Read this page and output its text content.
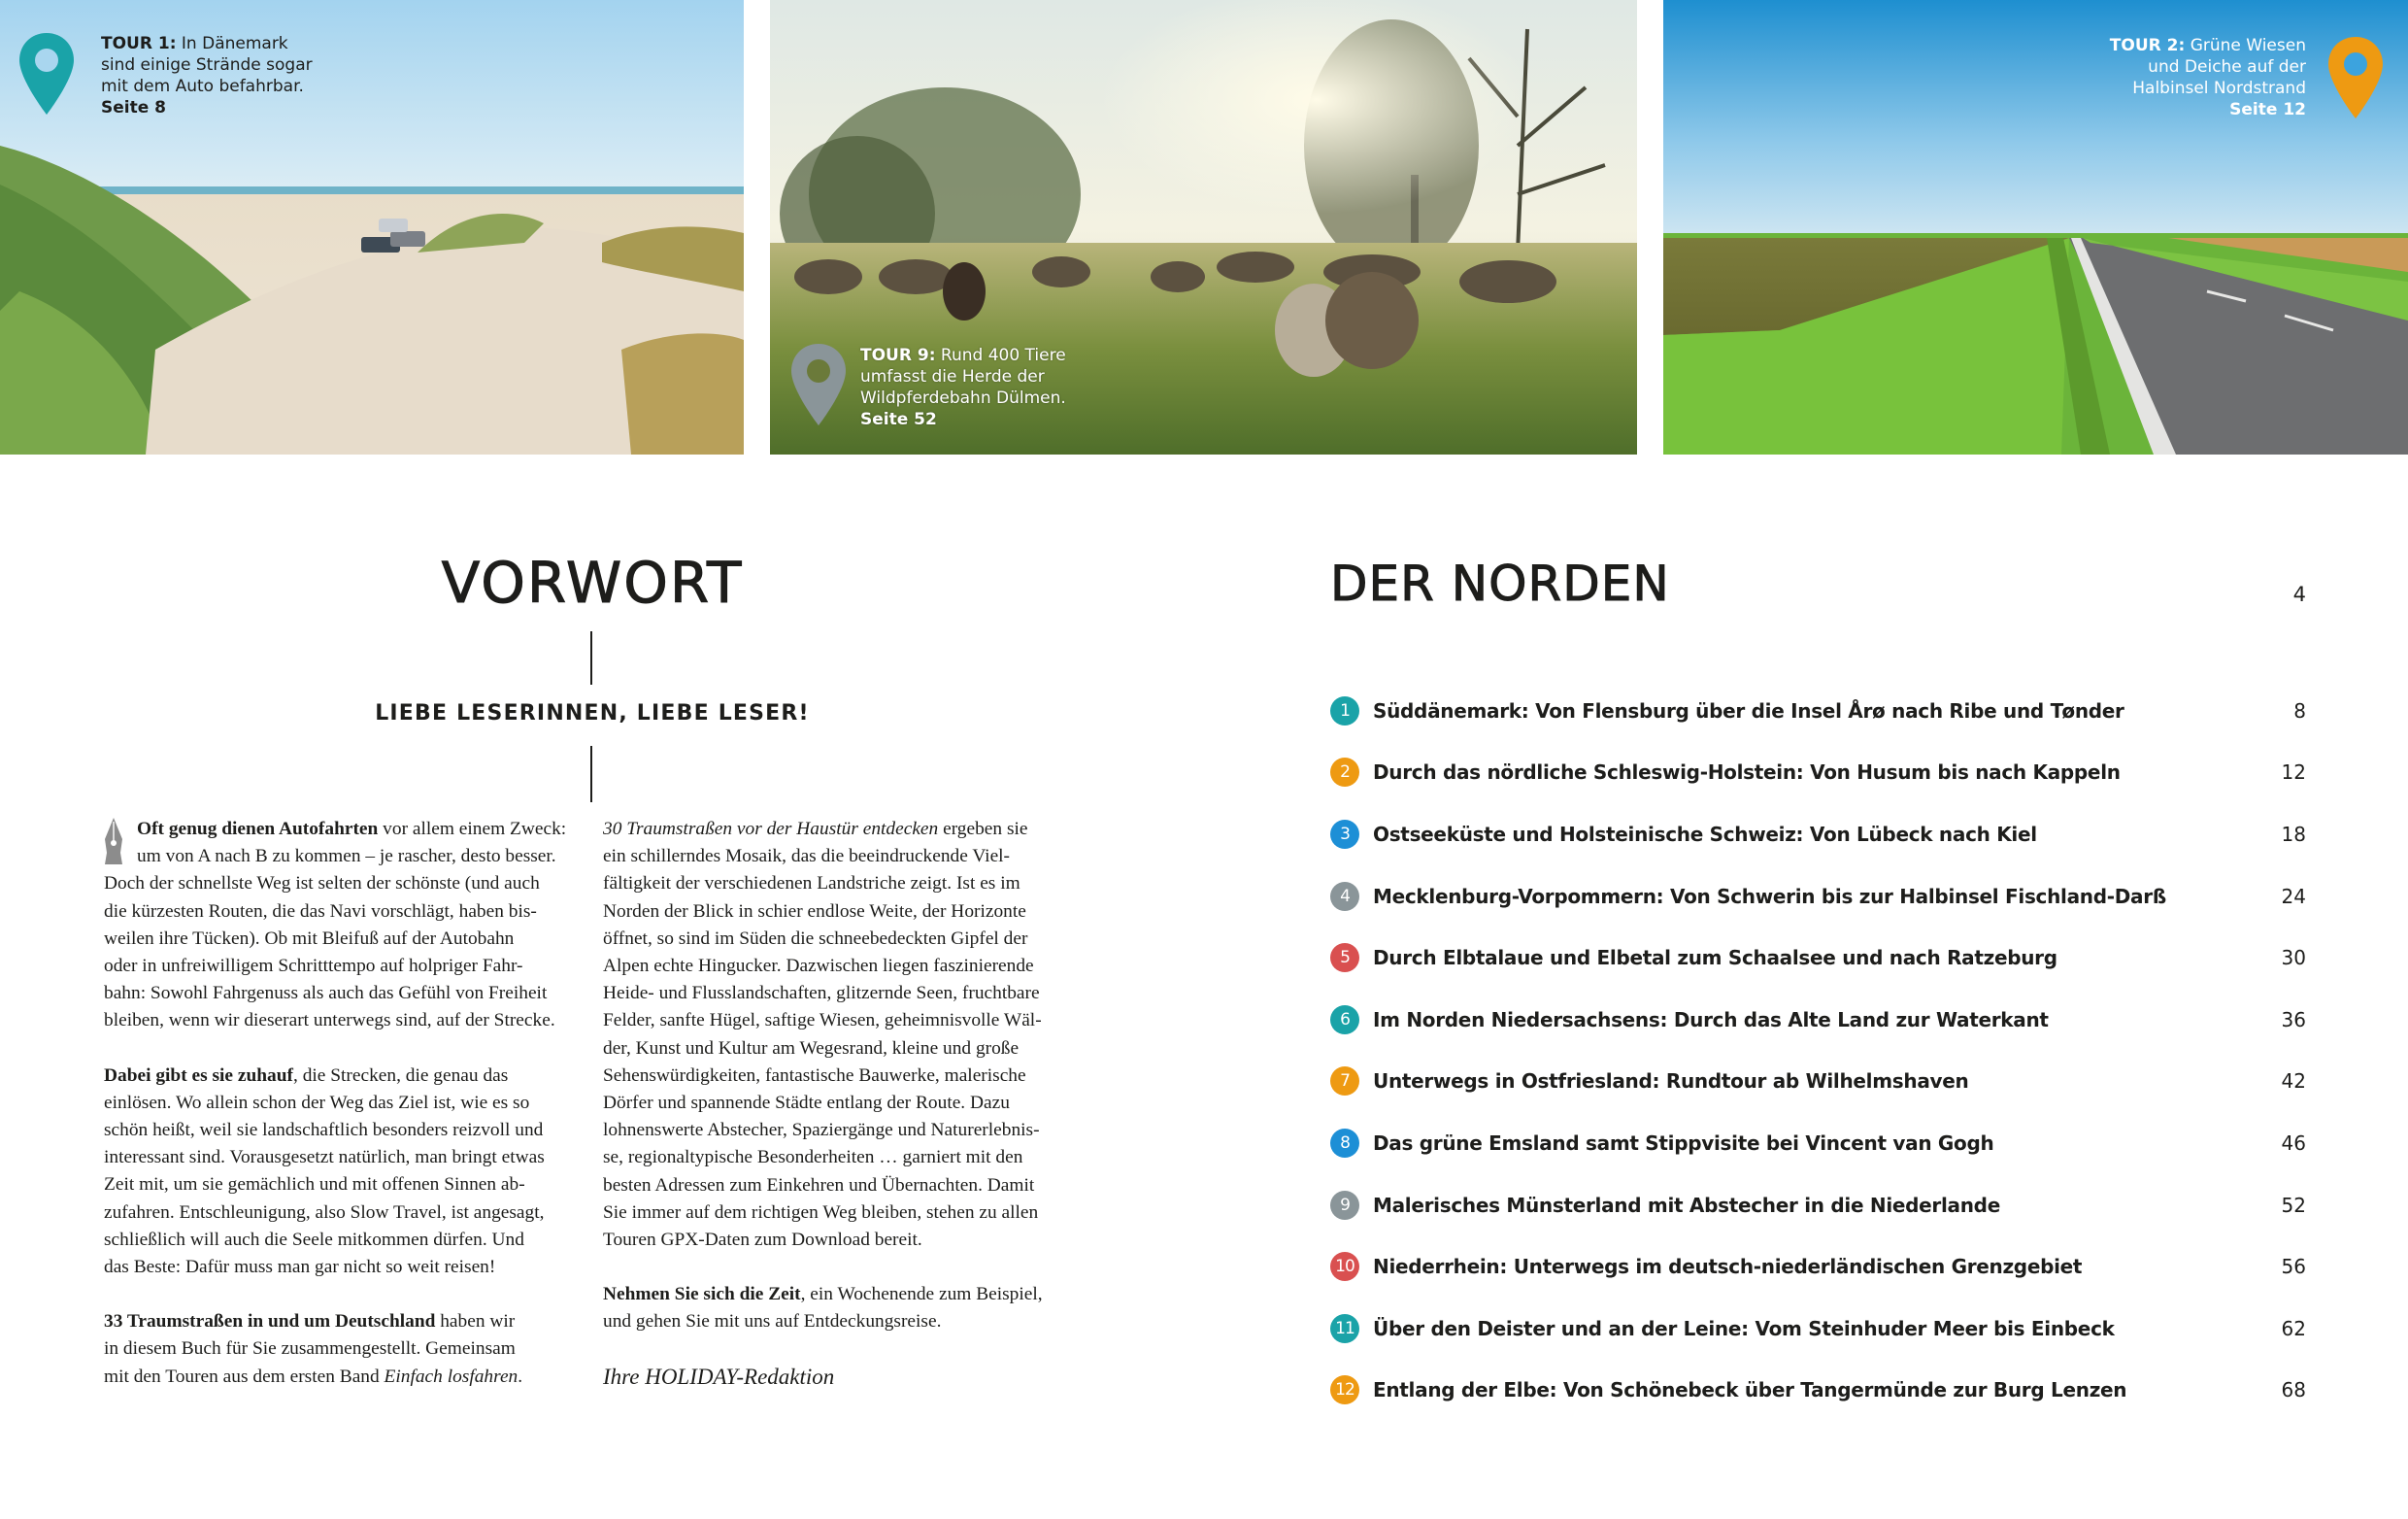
TOUR 1: In Dänemark
sind einige Strände sogar
mit dem Auto befahrbar.
Seite 8
TOUR 9: Rund 400 Tiere
umfasst die Herde der
Wildpferdebahn Dülmen.
Seite 52
TOUR 2: Grüne Wiesen
und Deiche auf der
Halbinsel Nordstrand
Seite 12
VORWORT
LIEBE LESERINNEN, LIEBE LESER!

Oft genug dienen Autofahrten vor allem einem Zweck:
um von A nach B zu kommen – je rascher, desto besser.
Doch der schnellste Weg ist selten der schönste (und auch
die kürzesten Routen, die das Navi vorschlägt, haben bis-
weilen ihre Tücken). Ob mit Bleifuß auf der Autobahn
oder in unfreiwilligem Schritttempo auf holpriger Fahr-
bahn: Sowohl Fahrgenuss als auch das Gefühl von Freiheit
bleiben, wenn wir dieserart unterwegs sind, auf der Strecke.

Dabei gibt es sie zuhauf, die Strecken, die genau das
einlösen. Wo allein schon der Weg das Ziel ist, wie es so
schön heißt, weil sie landschaftlich besonders reizvoll und
interessant sind. Vorausgesetzt natürlich, man bringt etwas
Zeit mit, um sie gemächlich und mit offenen Sinnen ab-
zufahren. Entschleunigung, also Slow Travel, ist angesagt,
schließlich will auch die Seele mitkommen dürfen. Und
das Beste: Dafür muss man gar nicht so weit reisen!

33 Traumstraßen in und um Deutschland haben wir
in diesem Buch für Sie zusammengestellt. Gemeinsam
mit den Touren aus dem ersten Band Einfach losfahren.

30 Traumstraßen vor der Haustür entdecken ergeben sie
ein schillerndes Mosaik, das die beeindruckende Viel-
fältigkeit der verschiedenen Landstriche zeigt. Ist es im
Norden der Blick in schier endlose Weite, der Horizonte
öffnet, so sind im Süden die schneebedeckten Gipfel der
Alpen echte Hingucker. Dazwischen liegen faszinierende
Heide- und Flusslandschaften, glitzernde Seen, fruchtbare
Felder, sanfte Hügel, saftige Wiesen, geheimnisvolle Wäl-
der, Kunst und Kultur am Wegesrand, kleine und große
Sehenswürdigkeiten, fantastische Bauwerke, malerische
Dörfer und spannende Städte entlang der Route. Dazu
lohnenswerte Abstecher, Spaziergänge und Naturerlebnis-
se, regionaltypische Besonderheiten … garniert mit den
besten Adressen zum Einkehren und Übernachten. Damit
Sie immer auf dem richtigen Weg bleiben, stehen zu allen
Touren GPX-Daten zum Download bereit.

Nehmen Sie sich die Zeit, ein Wochenende zum Beispiel,
und gehen Sie mit uns auf Entdeckungsreise.

Ihre HOLIDAY-Redaktion
DER NORDEN	4
1	Süddänemark: Von Flensburg über die Insel Årø nach Ribe und Tønder	8
2	Durch das nördliche Schleswig-Holstein: Von Husum bis nach Kappeln	12
3	Ostseeküste und Holsteinische Schweiz: Von Lübeck nach Kiel	18
4	Mecklenburg-Vorpommern: Von Schwerin bis zur Halbinsel Fischland-Darß	24
5	Durch Elbtalaue und Elbetal zum Schaalsee und nach Ratzeburg	30
6	Im Norden Niedersachsens: Durch das Alte Land zur Waterkant	36
7	Unterwegs in Ostfriesland: Rundtour ab Wilhelmshaven	42
8	Das grüne Emsland samt Stippvisite bei Vincent van Gogh	46
9	Malerisches Münsterland mit Abstecher in die Niederlande	52
10 Niederrhein: Unterwegs im deutsch-niederländischen Grenzgebiet	56
11 Über den Deister und an der Leine: Vom Steinhuder Meer bis Einbeck	62
12 Entlang der Elbe: Von Schönebeck über Tangermünde zur Burg Lenzen	68
